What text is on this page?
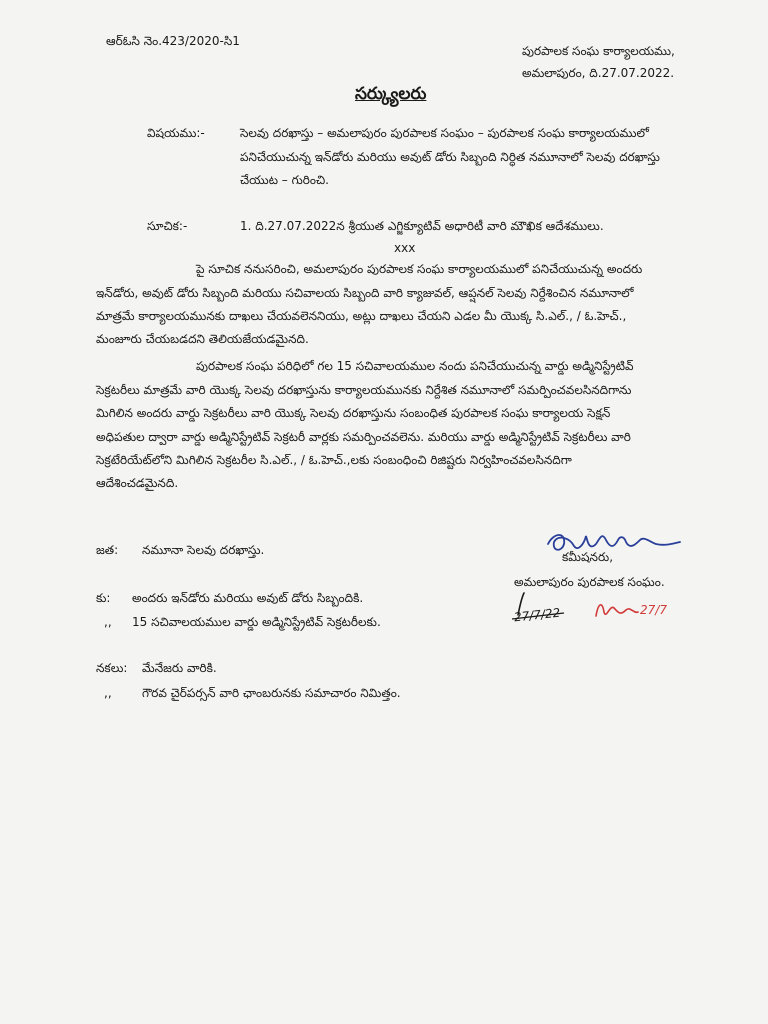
ఆర్‌ఓసి నెం.423/2020-సి1
పురపాలక సంఘ కార్యాలయము,
అమలాపురం, ది.27.07.2022.
సర్క్యులరు
విషయము:-	సెలవు దరఖాస్తు – అమలాపురం పురపాలక సంఘం – పురపాలక సంఘ కార్యాలయములో
పనిచేయుచున్న ఇన్‌డోరు మరియు అవుట్ డోరు సిబ్బంది నిర్ధిత నమూనాలో సెలవు దరఖాస్తు
చేయుట – గురించి.
సూచిక:-	1. ది.27.07.2022న శ్రీయుత ఎగ్జిక్యూటివ్ అధారిటీ వారి మౌఖిక ఆదేశములు.
xxx
పై సూచిక ననుసరించి, అమలాపురం పురపాలక సంఘ కార్యాలయములో పనిచేయుచున్న అందరు
ఇన్‌డోరు, అవుట్ డోరు సిబ్బంది మరియు సచివాలయ సిబ్బంది వారి క్యాజువల్, ఆప్షనల్ సెలవు నిర్దేశించిన నమూనాలో
మాత్రమే కార్యాలయమునకు దాఖలు చేయవలెననియు, అట్లు దాఖలు చేయని ఎడల మీ యొక్క సి.ఎల్., / ఓ.హెచ్.,
మంజూరు చేయబడదని తెలియజేయడమైనది.
పురపాలక సంఘ పరిధిలో గల 15 సచివాలయముల నందు పనిచేయుచున్న వార్డు అడ్మినిస్ట్రేటివ్
సెక్రటరీలు మాత్రమే వారి యొక్క సెలవు దరఖాస్తును కార్యాలయమునకు నిర్దేశిత నమూనాలో సమర్పించవలసినదిగాను
మిగిలిన అందరు వార్డు సెక్రటరీలు వారి యొక్క సెలవు దరఖాస్తును సంబంధిత పురపాలక సంఘ కార్యాలయ సెక్షన్
అధిపతుల ద్వారా వార్డు అడ్మినిస్ట్రేటివ్ సెక్రటరీ వార్లకు సమర్పించవలెను. మరియు వార్డు అడ్మినిస్ట్రేటివ్ సెక్రటరీలు వారి
సెక్రటేరియేట్‌లోని మిగిలిన సెక్రటరీల సి.ఎల్., / ఓ.హెచ్.,లకు సంబంధించి రిజిష్టరు నిర్వహించవలసినదిగా
ఆదేశించడమైనది.
కమీషనరు,
అమలాపురం పురపాలక సంఘం.
27/7/22	27/7
జత: నమూనా సెలవు దరఖాస్తు.
కు: అందరు ఇన్‌డోరు మరియు అవుట్ డోరు సిబ్బందికి.
,, 15 సచివాలయముల వార్డు అడ్మినిస్ట్రేటివ్ సెక్రటరీలకు.
నకలు: మేనేజరు వారికి.
,,	గౌరవ చైర్‌పర్సన్ వారి ఛాంబరునకు సమాచారం నిమిత్తం.
